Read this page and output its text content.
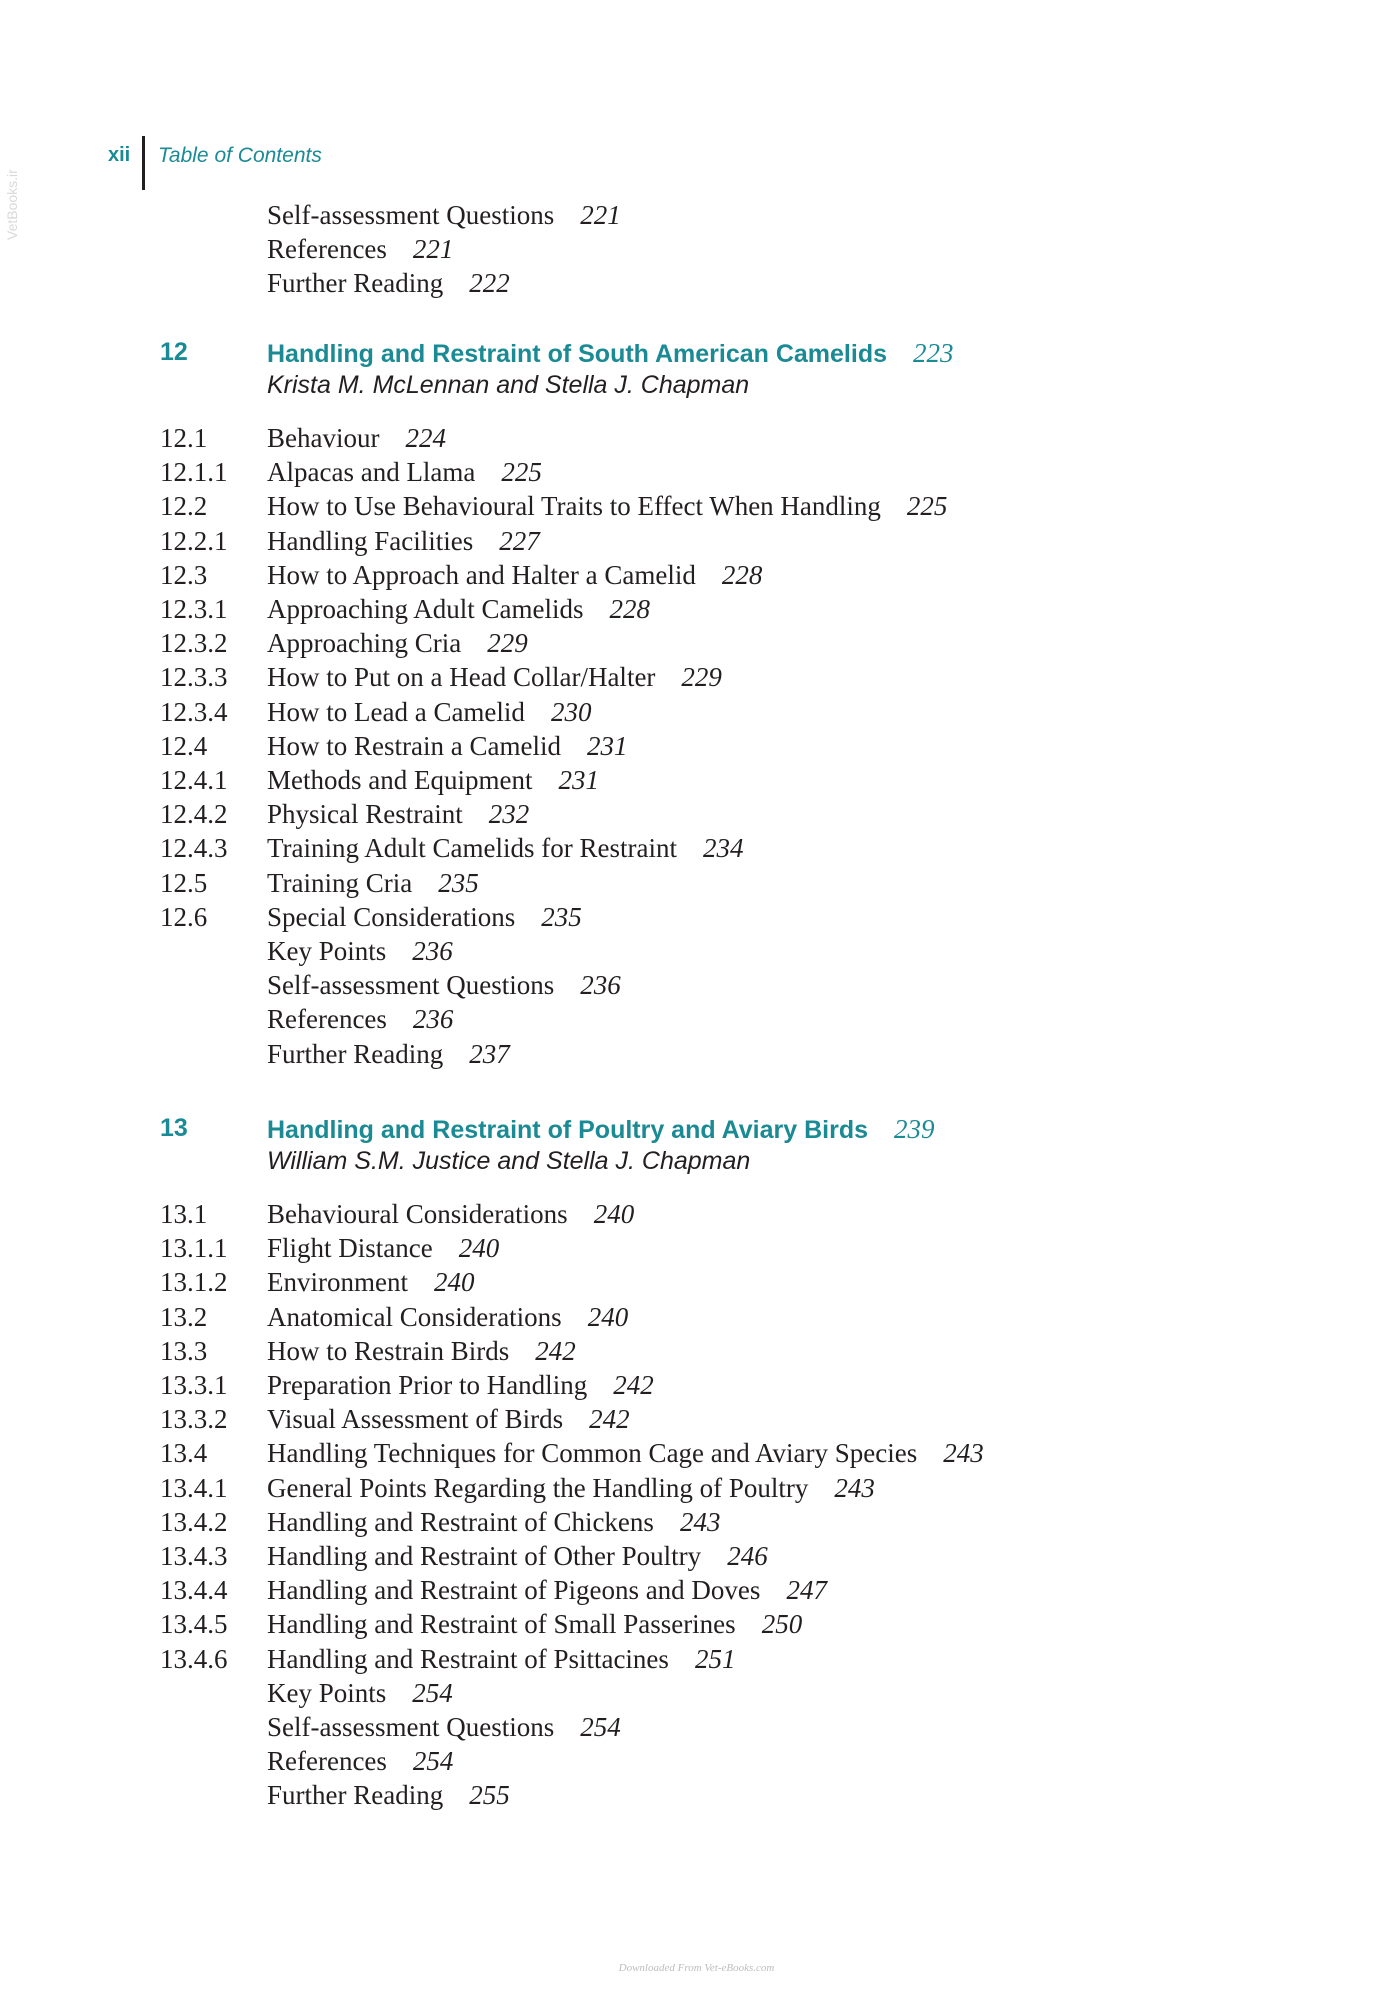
xii Table of Contents
VetBooks.ir	Self-assessment Questions 221
References 221
Further Reading 222
12	Handling and Restraint of South American Camelids 223
Krista M. McLennan and Stella J. Chapman
12.1 Behaviour 224
12.1.1 Alpacas and Llama 225
12.2 How to Use Behavioural Traits to Effect When Handling 225
12.2.1 Handling Facilities 227
12.3 How to Approach and Halter a Camelid 228
12.3.1 Approaching Adult Camelids 228
12.3.2 Approaching Cria 229
12.3.3 How to Put on a Head Collar/Halter 229
12.3.4 How to Lead a Camelid 230
12.4 How to Restrain a Camelid 231
12.4.1 Methods and Equipment 231
12.4.2 Physical Restraint 232
12.4.3 Training Adult Camelids for Restraint 234
12.5 Training Cria 235
12.6 Special Considerations 235
Key Points 236
Self-assessment Questions 236
References 236
Further Reading 237
13	Handling and Restraint of Poultry and Aviary Birds 239
William S.M. Justice and Stella J. Chapman
13.1 Behavioural Considerations 240
13.1.1 Flight Distance 240
13.1.2 Environment 240
13.2 Anatomical Considerations 240
13.3 How to Restrain Birds 242
13.3.1 Preparation Prior to Handling 242
13.3.2 Visual Assessment of Birds 242
13.4 Handling Techniques for Common Cage and Aviary Species 243
13.4.1 General Points Regarding the Handling of Poultry 243
13.4.2 Handling and Restraint of Chickens 243
13.4.3 Handling and Restraint of Other Poultry 246
13.4.4 Handling and Restraint of Pigeons and Doves 247
13.4.5 Handling and Restraint of Small Passerines 250
13.4.6 Handling and Restraint of Psittacines 251
Key Points 254
Self-assessment Questions 254
References 254
Further Reading 255
Downloaded From Vet-eBooks.com
